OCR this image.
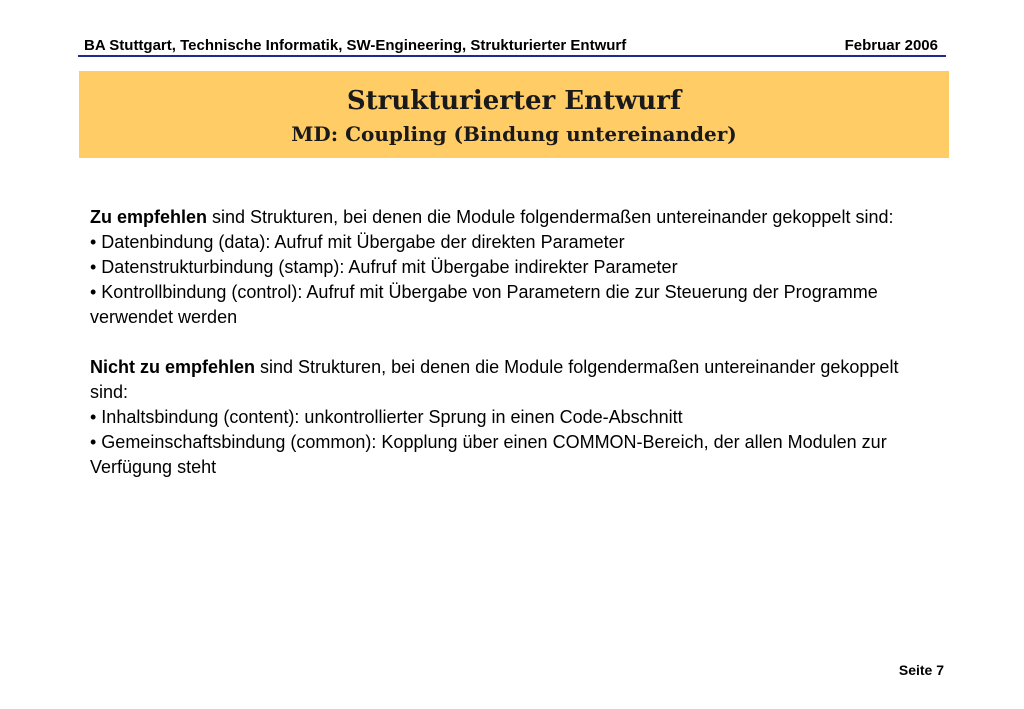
BA Stuttgart, Technische Informatik, SW-Engineering, Strukturierter Entwurf	Februar 2006
Strukturierter Entwurf
MD: Coupling (Bindung untereinander)

Zu empfehlen sind Strukturen, bei denen die Module folgendermaßen untereinander gekoppelt sind:

• Datenbindung (data): Aufruf mit Übergabe der direkten Parameter

• Datenstrukturbindung (stamp): Aufruf mit Übergabe indirekter Parameter

• Kontrollbindung (control): Aufruf mit Übergabe von Parametern die zur Steuerung der Programme verwendet werden

Nicht zu empfehlen sind Strukturen, bei denen die Module folgendermaßen untereinander gekoppelt sind:

• Inhaltsbindung (content): unkontrollierter Sprung in einen Code-Abschnitt

• Gemeinschaftsbindung (common): Kopplung über einen COMMON-Bereich, der allen Modulen zur Verfügung steht

Seite 7
